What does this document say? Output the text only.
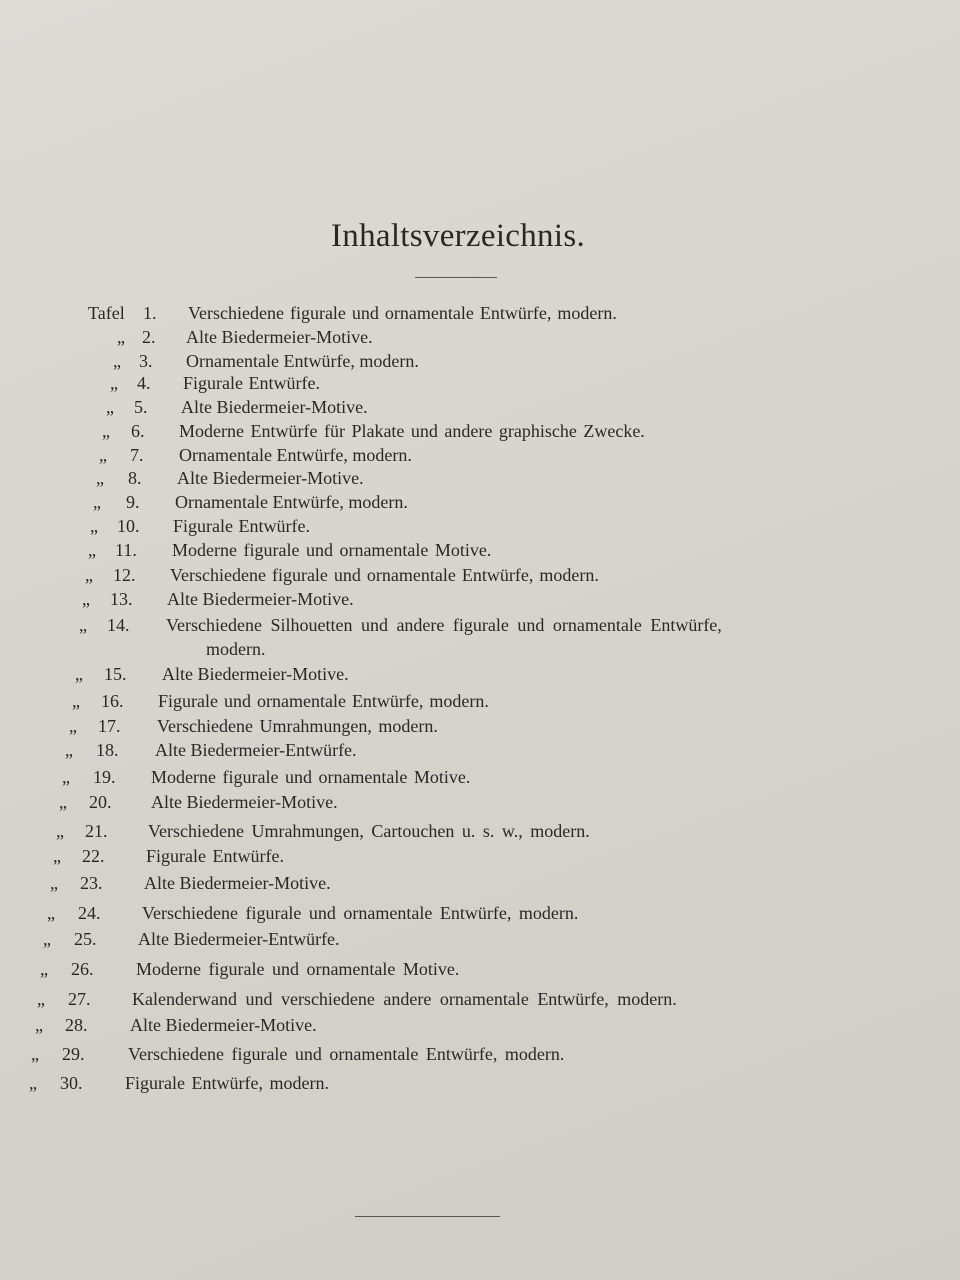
Inhaltsverzeichnis.
Tafel 1. Verschiedene figurale und ornamentale Entwürfe, modern.
„ 2. Alte Biedermeier-Motive.
„ 3. Ornamentale Entwürfe, modern.
„ 4. Figurale Entwürfe.
„ 5. Alte Biedermeier-Motive.
„ 6. Moderne Entwürfe für Plakate und andere graphische Zwecke.
„ 7. Ornamentale Entwürfe, modern.
„ 8. Alte Biedermeier-Motive.
„ 9. Ornamentale Entwürfe, modern.
„ 10. Figurale Entwürfe.
„ 11. Moderne figurale und ornamentale Motive.
„ 12. Verschiedene figurale und ornamentale Entwürfe, modern.
„ 13. Alte Biedermeier-Motive.
„ 14. Verschiedene Silhouetten und andere figurale und ornamentale Entwürfe,
modern.
„ 15. Alte Biedermeier-Motive.
„ 16. Figurale und ornamentale Entwürfe, modern.
„ 17. Verschiedene Umrahmungen, modern.
„ 18. Alte Biedermeier-Entwürfe.
„ 19. Moderne figurale und ornamentale Motive.
„ 20. Alte Biedermeier-Motive.
„ 21. Verschiedene Umrahmungen, Cartouchen u. s. w., modern.
„ 22. Figurale Entwürfe.
„ 23. Alte Biedermeier-Motive.
„ 24. Verschiedene figurale und ornamentale Entwürfe, modern.
„ 25. Alte Biedermeier-Entwürfe.
„ 26. Moderne figurale und ornamentale Motive.
„ 27. Kalenderwand und verschiedene andere ornamentale Entwürfe, modern.
„ 28. Alte Biedermeier-Motive.
„ 29. Verschiedene figurale und ornamentale Entwürfe, modern.
„ 30. Figurale Entwürfe, modern.
